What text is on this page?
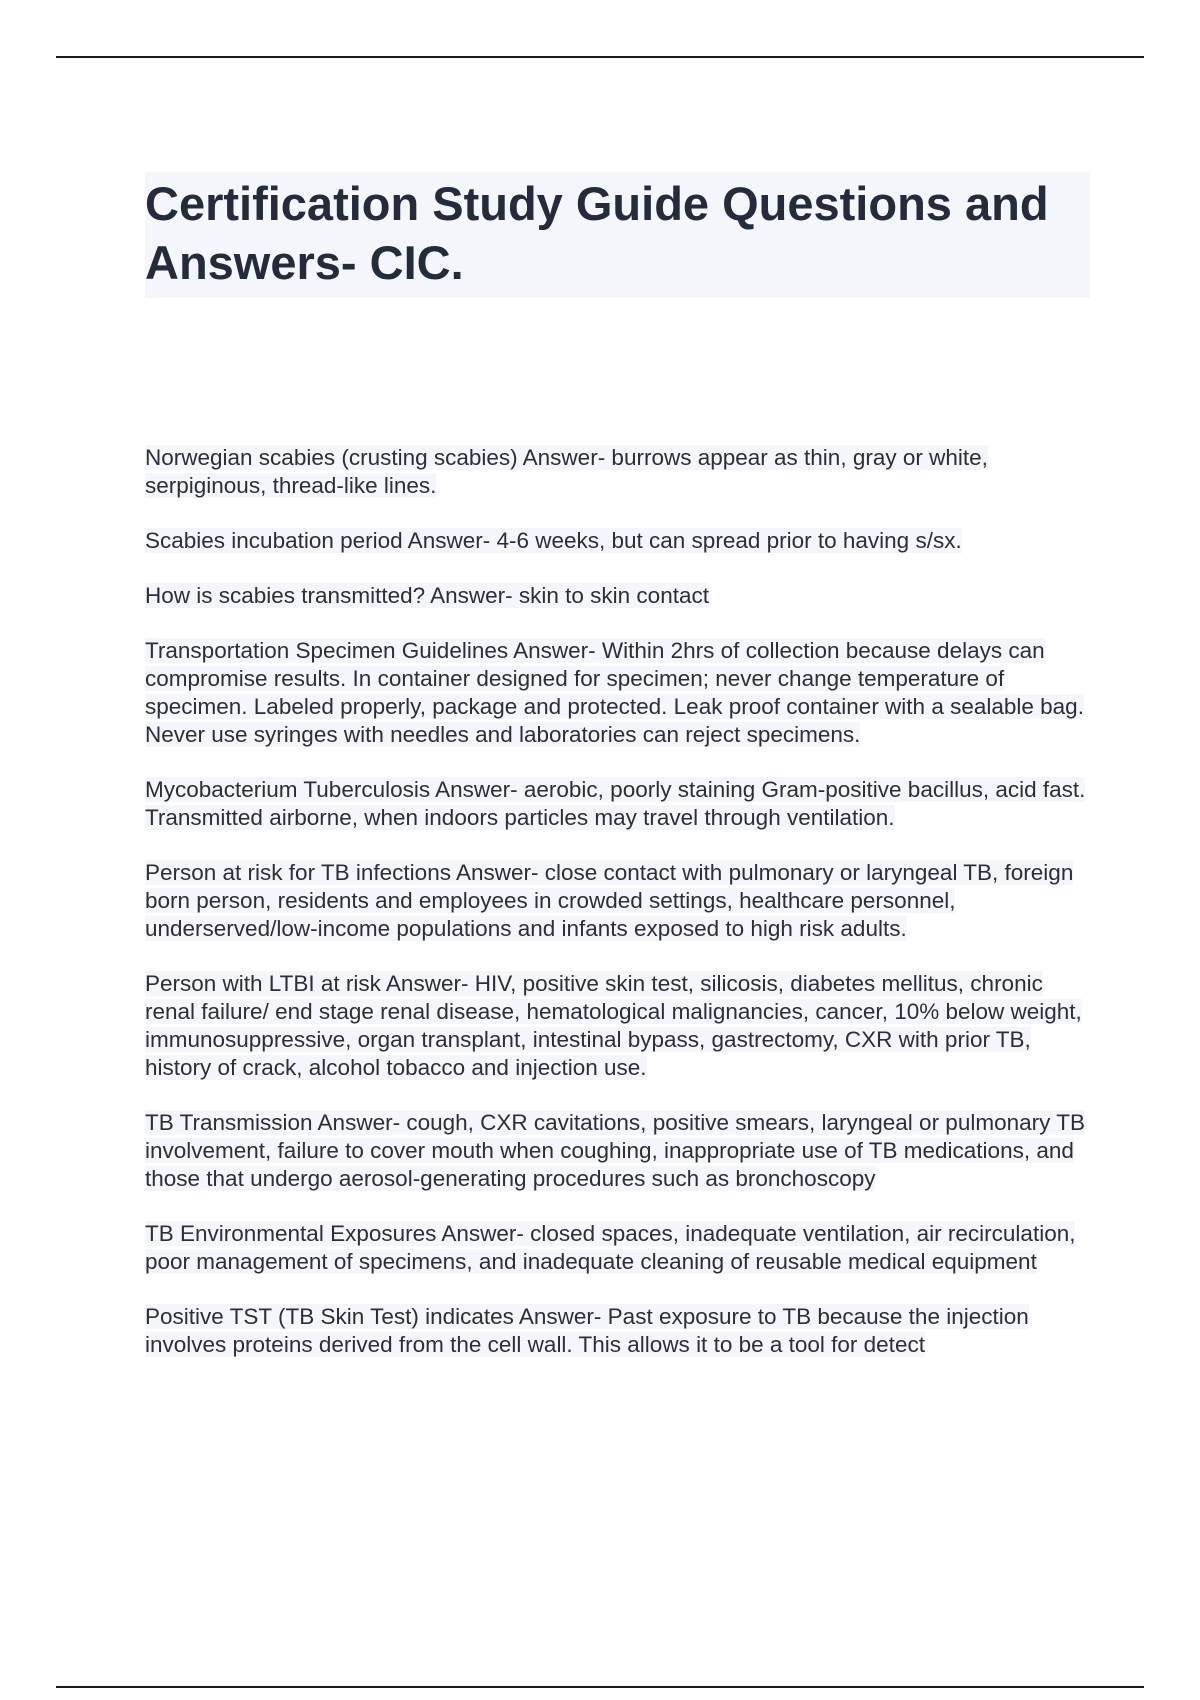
Certification Study Guide Questions and Answers- CIC.

Norwegian scabies (crusting scabies) Answer- burrows appear as thin, gray or white, serpiginous, thread-like lines.

Scabies incubation period Answer- 4-6 weeks, but can spread prior to having s/sx.

How is scabies transmitted? Answer- skin to skin contact

Transportation Specimen Guidelines Answer- Within 2hrs of collection because delays can compromise results. In container designed for specimen; never change temperature of specimen. Labeled properly, package and protected. Leak proof container with a sealable bag. Never use syringes with needles and laboratories can reject specimens.

Mycobacterium Tuberculosis Answer- aerobic, poorly staining Gram-positive bacillus, acid fast. Transmitted airborne, when indoors particles may travel through ventilation.

Person at risk for TB infections Answer- close contact with pulmonary or laryngeal TB, foreign born person, residents and employees in crowded settings, healthcare personnel, underserved/low-income populations and infants exposed to high risk adults.

Person with LTBI at risk Answer- HIV, positive skin test, silicosis, diabetes mellitus, chronic renal failure/ end stage renal disease, hematological malignancies, cancer, 10% below weight, immunosuppressive, organ transplant, intestinal bypass, gastrectomy, CXR with prior TB, history of crack, alcohol tobacco and injection use.

TB Transmission Answer- cough, CXR cavitations, positive smears, laryngeal or pulmonary TB involvement, failure to cover mouth when coughing, inappropriate use of TB medications, and those that undergo aerosol-generating procedures such as bronchoscopy

TB Environmental Exposures Answer- closed spaces, inadequate ventilation, air recirculation, poor management of specimens, and inadequate cleaning of reusable medical equipment

Positive TST (TB Skin Test) indicates Answer- Past exposure to TB because the injection involves proteins derived from the cell wall. This allows it to be a tool for detect
